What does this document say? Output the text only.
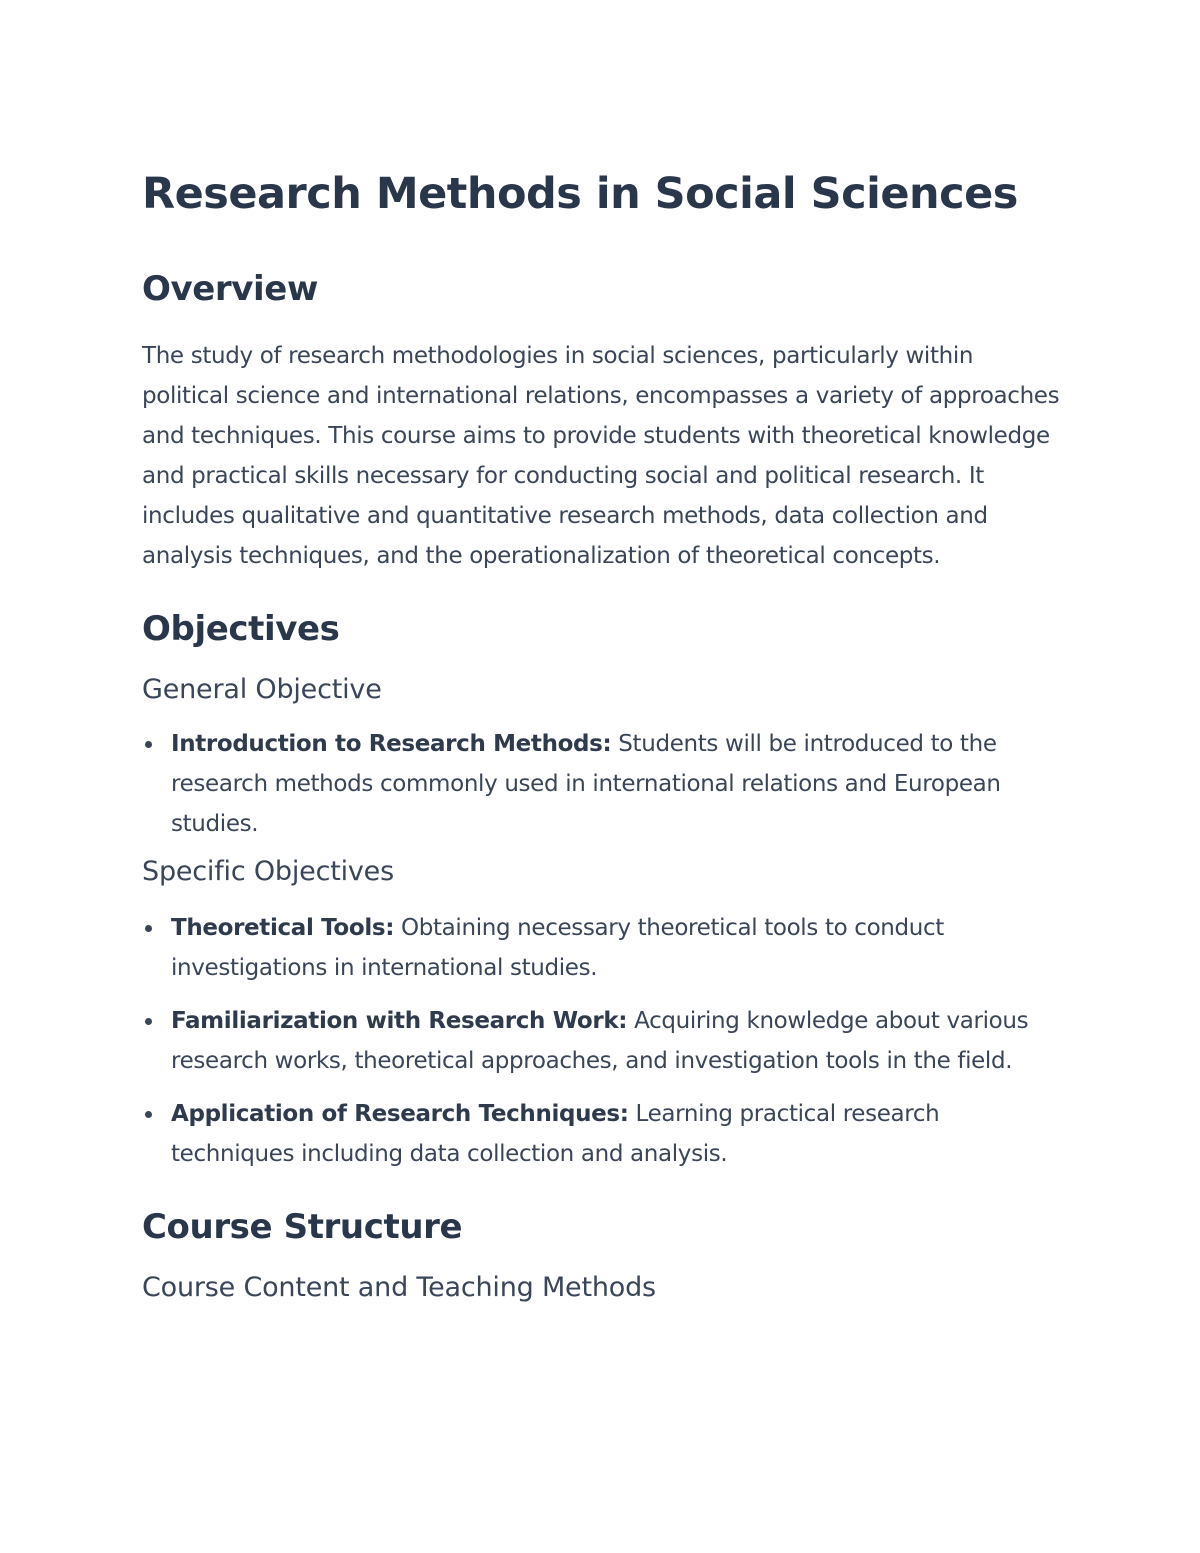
Research Methods in Social Sciences
Overview

The study of research methodologies in social sciences, particularly within political science and international relations, encompasses a variety of approaches and techniques. This course aims to provide students with theoretical knowledge and practical skills necessary for conducting social and political research. It includes qualitative and quantitative research methods, data collection and analysis techniques, and the operationalization of theoretical concepts.

Objectives
General Objective
Introduction to Research Methods: Students will be introduced to the research methods commonly used in international relations and European studies.
Specific Objectives
Theoretical Tools: Obtaining necessary theoretical tools to conduct investigations in international studies.
Familiarization with Research Work: Acquiring knowledge about various research works, theoretical approaches, and investigation tools in the field.
Application of Research Techniques: Learning practical research techniques including data collection and analysis.
Course Structure
Course Content and Teaching Methods
